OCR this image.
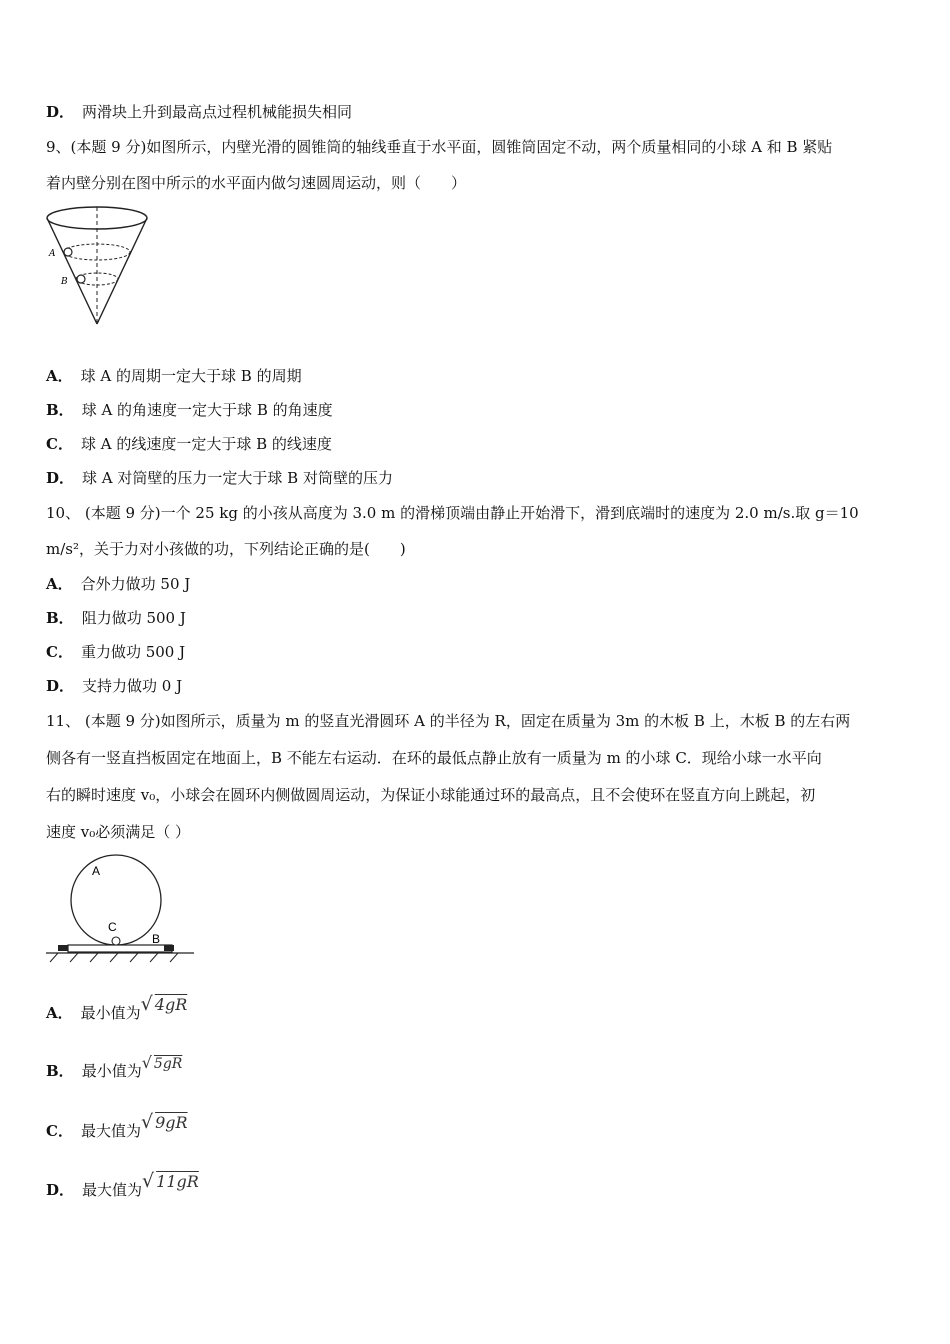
D． 两滑块上升到最高点过程机械能损失相同
9、(本题 9 分)如图所示，内壁光滑的圆锥筒的轴线垂直于水平面，圆锥筒固定不动，两个质量相同的小球 A 和 B 紧贴
着内壁分别在图中所示的水平面内做匀速圆周运动，则（　　）
A
B
A． 球 A 的周期一定大于球 B 的周期
B． 球 A 的角速度一定大于球 B 的角速度
C． 球 A 的线速度一定大于球 B 的线速度
D． 球 A 对筒壁的压力一定大于球 B 对筒壁的压力
10、 (本题 9 分)一个 25 kg 的小孩从高度为 3.0 m 的滑梯顶端由静止开始滑下，滑到底端时的速度为 2.0 m/s.取 g＝10
m/s²，关于力对小孩做的功，下列结论正确的是(　　)
A． 合外力做功 50 J
B． 阻力做功 500 J
C． 重力做功 500 J
D． 支持力做功 0 J
11、 (本题 9 分)如图所示，质量为 m 的竖直光滑圆环 A 的半径为 R，固定在质量为 3m 的木板 B 上，木板 B 的左右两
侧各有一竖直挡板固定在地面上，B 不能左右运动．在环的最低点静止放有一质量为 m 的小球 C．现给小球一水平向
右的瞬时速度 v₀，小球会在圆环内侧做圆周运动，为保证小球能通过环的最高点，且不会使环在竖直方向上跳起，初
速度 v₀必须满足（ ）
A
C
B
A． 最小值为√ 4gR
B． 最小值为√ 5gR
C． 最大值为√ 9gR
D． 最大值为√ 11gR
